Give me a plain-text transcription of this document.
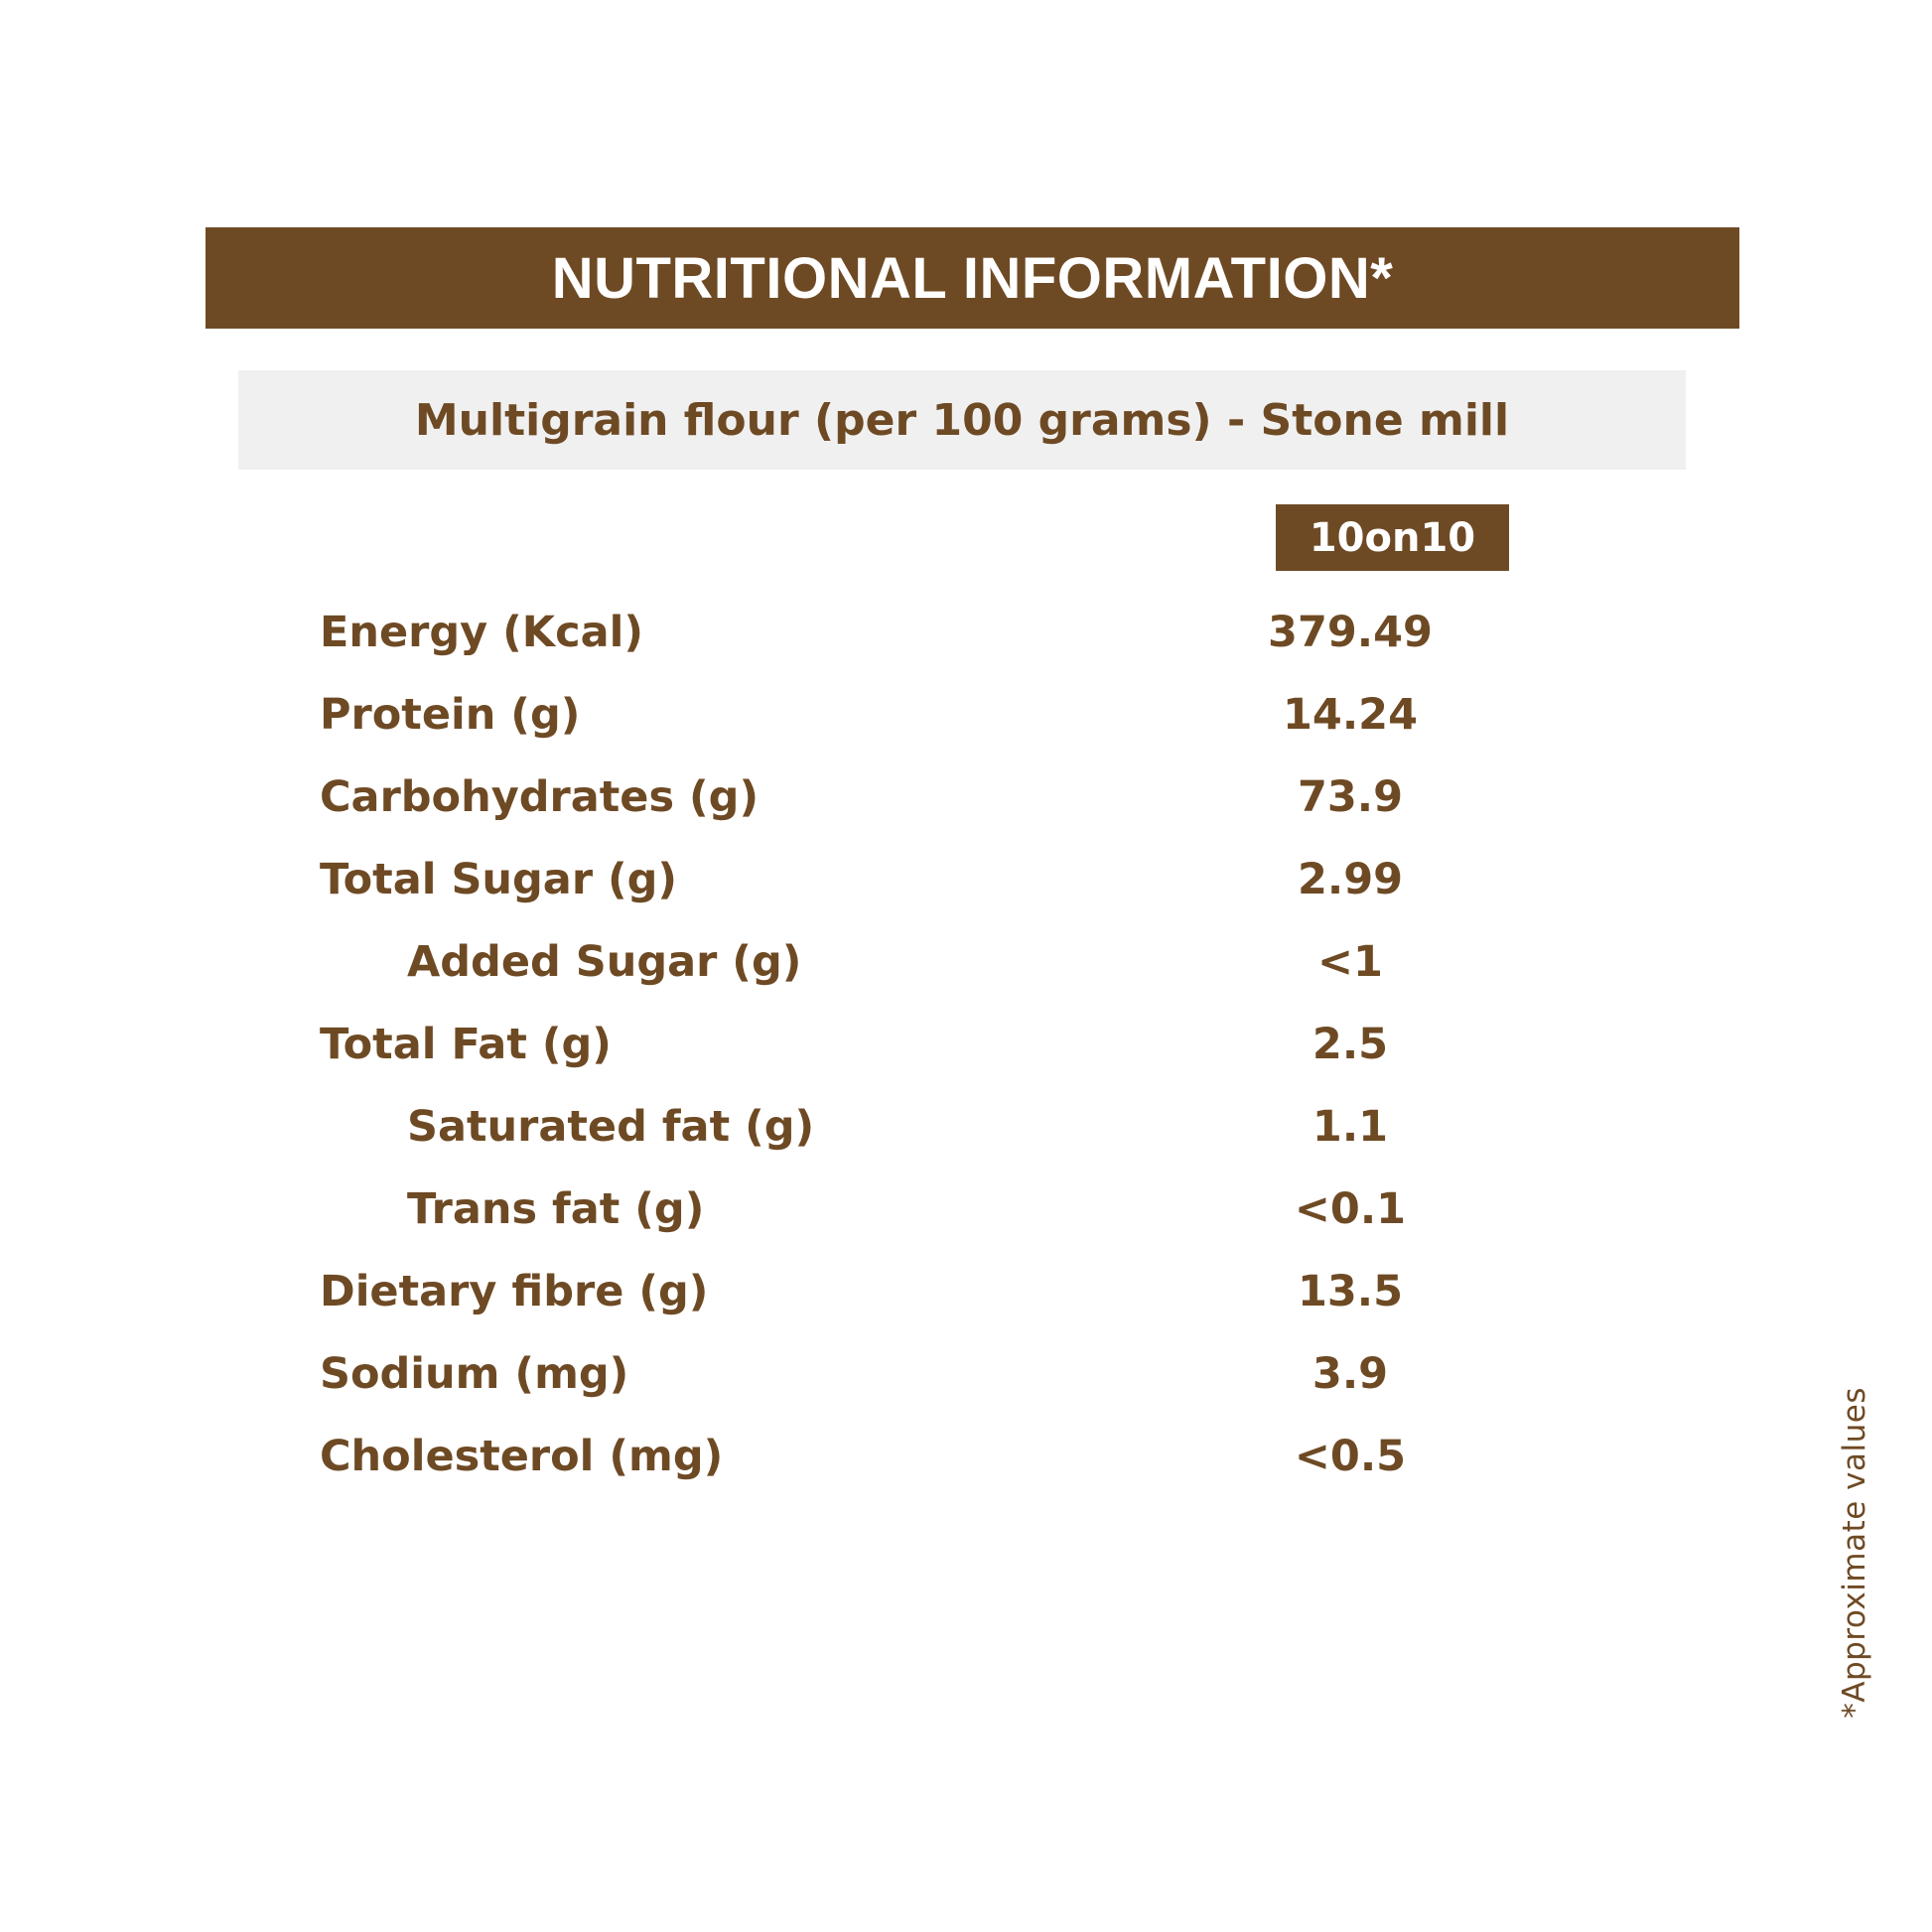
NUTRITIONAL INFORMATION*
Multigrain flour (per 100 grams) - Stone mill
10on10
Energy (Kcal)	379.49
Protein (g)	14.24
Carbohydrates (g)	73.9
Total Sugar (g)	2.99
Added Sugar (g)	<1
Total Fat (g)	2.5
Saturated fat (g)	1.1
Trans fat (g)	<0.1
Dietary fibre (g)	13.5
Sodium (mg)	3.9
Cholesterol (mg)	<0.5	*Approximate values
